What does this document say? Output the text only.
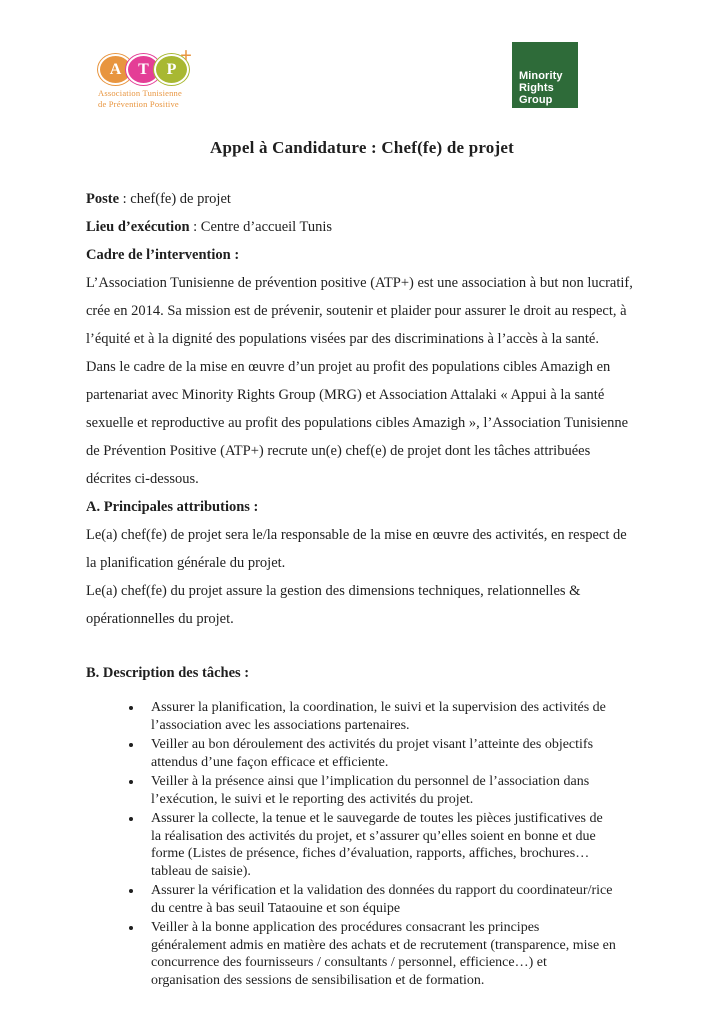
A T P+
Association Tunisienne
de Prévention Positive
Minority
Rights
Group
Appel à Candidature : Chef(fe) de projet

Poste : chef(fe) de projet

Lieu d’exécution : Centre d’accueil Tunis

Cadre de l’intervention :

L’Association Tunisienne de prévention positive (ATP+) est une association à but non lucratif, crée en 2014. Sa mission est de prévenir, soutenir et plaider pour assurer le droit au respect, à l’équité et à la dignité des populations visées par des discriminations à l’accès à la santé.

Dans le cadre de la mise en œuvre d’un projet au profit des populations cibles Amazigh en partenariat avec Minority Rights Group (MRG) et Association Attalaki « Appui à la santé sexuelle et reproductive au profit des populations cibles Amazigh », l’Association Tunisienne de Prévention Positive (ATP+) recrute un(e) chef(e) de projet dont les tâches attribuées décrites ci-dessous.

A. Principales attributions :

Le(a) chef(fe) de projet sera le/la responsable de la mise en œuvre des activités, en respect de la planification générale du projet.

Le(a) chef(fe) du projet assure la gestion des dimensions techniques, relationnelles & opérationnelles du projet.

B. Description des tâches :

• Assurer la planification, la coordination, le suivi et la supervision des activités de l’association avec les associations partenaires.
• Veiller au bon déroulement des activités du projet visant l’atteinte des objectifs attendus d’une façon efficace et efficiente.
• Veiller à la présence ainsi que l’implication du personnel de l’association dans l’exécution, le suivi et le reporting des activités du projet.
• Assurer la collecte, la tenue et le sauvegarde de toutes les pièces justificatives de la réalisation des activités du projet, et s’assurer qu’elles soient en bonne et due forme (Listes de présence, fiches d’évaluation, rapports, affiches, brochures…tableau de saisie).
• Assurer la vérification et la validation des données du rapport du coordinateur/rice du centre à bas seuil Tataouine et son équipe
• Veiller à la bonne application des procédures consacrant les principes généralement admis en matière des achats et de recrutement (transparence, mise en concurrence des fournisseurs / consultants / personnel, efficience…) et organisation des sessions de sensibilisation et de formation.
